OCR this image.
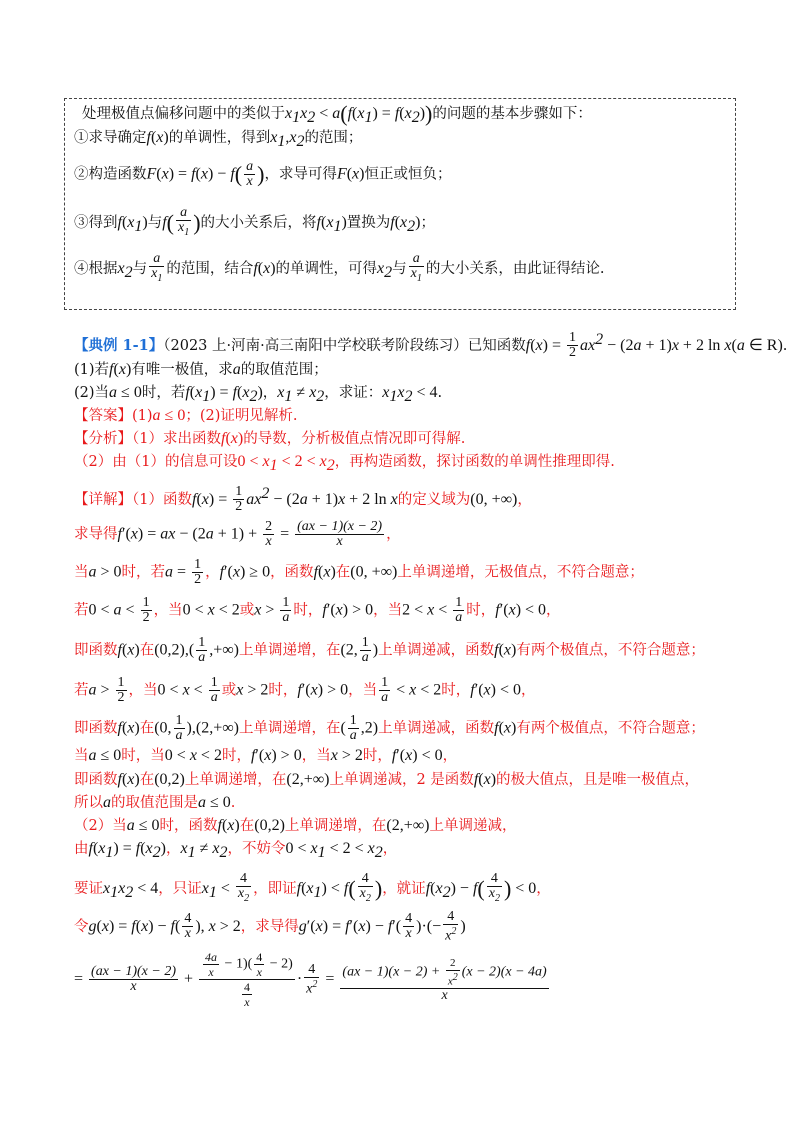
处理极值点偏移问题中的类似于$x_1x_2 < a(f(x_1) = f(x_2))$的问题的基本步骤如下：
①求导确定f(x)的单调性，得到$x_1,x_2$的范围；
②构造函数$F(x) = f(x) - f( \frac{a}{x}$ )，求导可得F(x)恒正或恒负；
③得到$f(x_1)$与$f( \frac{a}{x_1}$ )的大小关系后，将$f(x_1)$置换为$f(x_2)$；
④根据$x_2$与 $\frac{a}{x_1}$ 的范围，结合f(x)的单调性，可得$x_2$与 $\frac{a}{x_1}$ 的大小关系，由此证得结论.
【典例 1-1】（2023 上·河南·高三南阳中学校联考阶段练习）已知函数$f(x) = \frac{1}{2} ax^2 - (2a + 1)x + 2$ ln x(a ∈ R).
(1)若f(x)有唯一极值，求a的取值范围；
(2)当a ≤ 0时，若$f(x_1) = f(x_2)$，$x_1 \ne x_2$，求证：$x_1x_2 < 4$.
【答案】(1)a ≤ 0；(2)证明见解析.
【分析】（1）求出函数f(x)的导数，分析极值点情况即可得解.
（2）由（1）的信息可设$0 < x_1 < 2 < x_2$，再构造函数，探讨函数的单调性推理即得.
【详解】（1）函数$f(x) = \frac{1}{2} ax^2 - (2a + 1)x + 2$ ln x的定义域为(0, +∞)，
求导得f′(x) = ax − $(2a + 1) + \frac{2}{x} = \frac{(ax - 1)(x - 2)}{x}$ ，
当a > 0时，若$a = \frac{1}{2}$ ，f′(x) ≥ 0，函数f(x)在(0, +∞)上单调递增，无极值点，不符合题意；
若$0 < a < \frac{1}{2}$ ，当0 < x < 2或$x > \frac{1}{a}$ 时，f′(x) > 0，当$2 < x < \frac{1}{a}$ 时，f′(x) < 0，
即函数f(x)在$(0,2),( \frac{1}{a}$ ,+∞)上单调递增，在(2, $\frac{1}{a}$ )上单调递减，函数f(x)有两个极值点，不符合题意；
若$a > \frac{1}{2}$ ，当$0 < x < \frac{1}{a}$ 或x > 2时，f′(x) > 0，当 $\frac{1}{a} < x < 2$时，f′(x) < 0，
即函数f(x)在(0, $\frac{1}{a} ),(2,+\infty)$上单调递增，在( $\frac{1}{a} ,2$)上单调递减，函数f(x)有两个极值点，不符合题意；
当a ≤ 0时，当0 < x < 2时，f′(x) > 0，当x > 2时，f′(x) < 0，
即函数f(x)在(0,2)上单调递增，在(2,+∞)上单调递减，2 是函数f(x)的极大值点，且是唯一极值点，
所以a的取值范围是a ≤ 0.
（2）当a ≤ 0时，函数f(x)在(0,2)上单调递增，在(2,+∞)上单调递减，
由$f(x_1) = f(x_2)$，$x_1 \ne x_2$，不妨令$0 < x_1 < 2 < x_2$，
要证$x_1x_2 < 4$，只证$x_1 < \frac{4}{x_2}$ ，即证$f(x_1) < f( \frac{4}{x_2}$ )，就证$f(x_2) - f( \frac{4}{x_2}$ ) < 0，
令$g(x) = f(x) - f( \frac{4}{x}$ ), x > 2，求导得$g'(x) = f'(x) - f'( \frac{4}{x}$ )·(− $\frac{4}{x^2}$ )
= $\frac{(ax - 1)(x - 2)}{x} + \frac{\frac{4a}{x} - 1)( \frac{4}{x} - 2)}{\frac{4}{x}} \cdot \frac{4}{x^2} = \frac{(ax - 1)(x - 2) + \frac{2}{x^2} (x - 2)(x - 4a)}{x}$
